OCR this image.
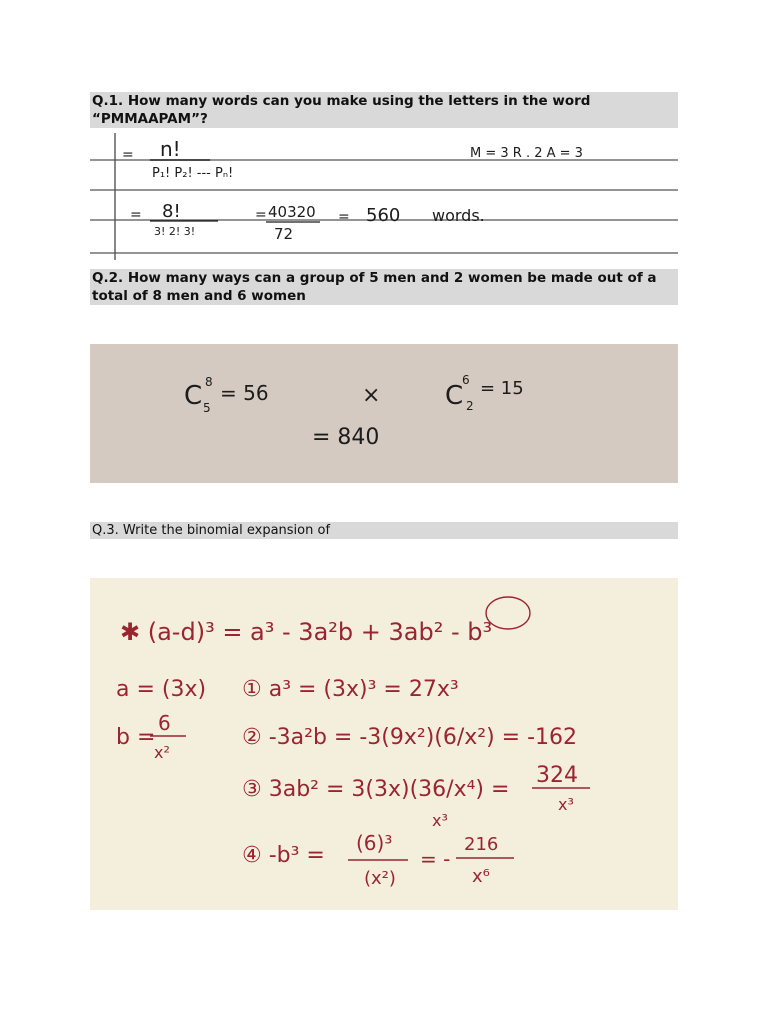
Q.1. How many words can you make using the letters in the word “PMMAAPAM”?
= n!
P₁! P₂! --- Pₙ!
M = 3 R . 2 A = 3
= 8!
3! 2! 3!
= 40320
72
= 560 words.
Q.2. How many ways can a group of 5 men and 2 women be made out of a total of 8 men and 6 women
C 8
5
= 56	× C
6
2
= 15
= 840
Q.3. Write the binomial expansion of
✱ (a-d)³ = a³ - 3a²b + 3ab² - b³
a = (3x)
b =
6
x²
① a³ = (3x)³ = 27x³
② -3a²b = -3(9x²)(6/x²) = -162
③ 3ab² = 3(3x)(36/x⁴) =
324
x³
④ -b³ = (6)³
(x²)
= -
216
x⁶
x³
